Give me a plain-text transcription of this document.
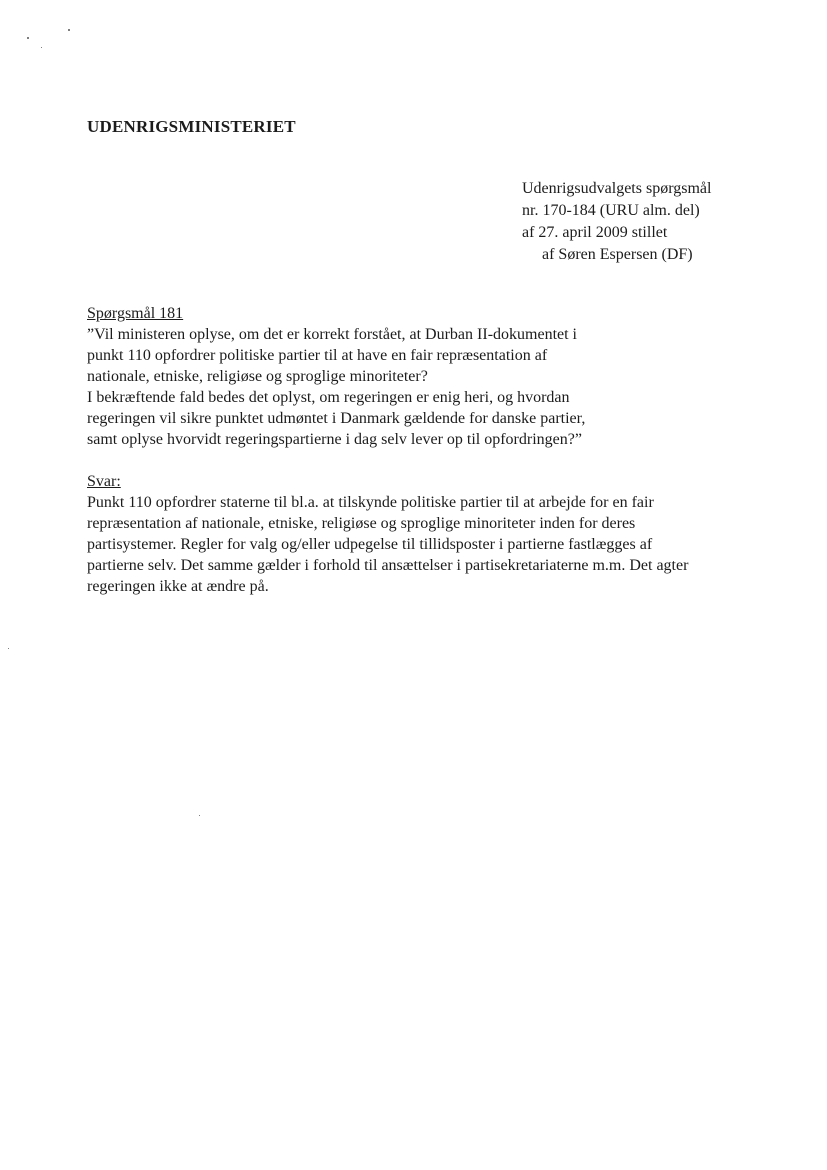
UDENRIGSMINISTERIET
Udenrigsudvalgets spørgsmål
nr. 170-184 (URU alm. del)
af 27. april 2009 stillet
af Søren Espersen (DF)
Spørgsmål 181
”Vil ministeren oplyse, om det er korrekt forstået, at Durban II-dokumentet i
punkt 110 opfordrer politiske partier til at have en fair repræsentation af
nationale, etniske, religiøse og sproglige minoriteter?
I bekræftende fald bedes det oplyst, om regeringen er enig heri, og hvordan
regeringen vil sikre punktet udmøntet i Danmark gældende for danske partier,
samt oplyse hvorvidt regeringspartierne i dag selv lever op til opfordringen?”
Svar:
Punkt 110 opfordrer staterne til bl.a. at tilskynde politiske partier til at arbejde for en fair
repræsentation af nationale, etniske, religiøse og sproglige minoriteter inden for deres
partisystemer. Regler for valg og/eller udpegelse til tillidsposter i partierne fastlægges af
partierne selv. Det samme gælder i forhold til ansættelser i partisekretariaterne m.m. Det agter
regeringen ikke at ændre på.
